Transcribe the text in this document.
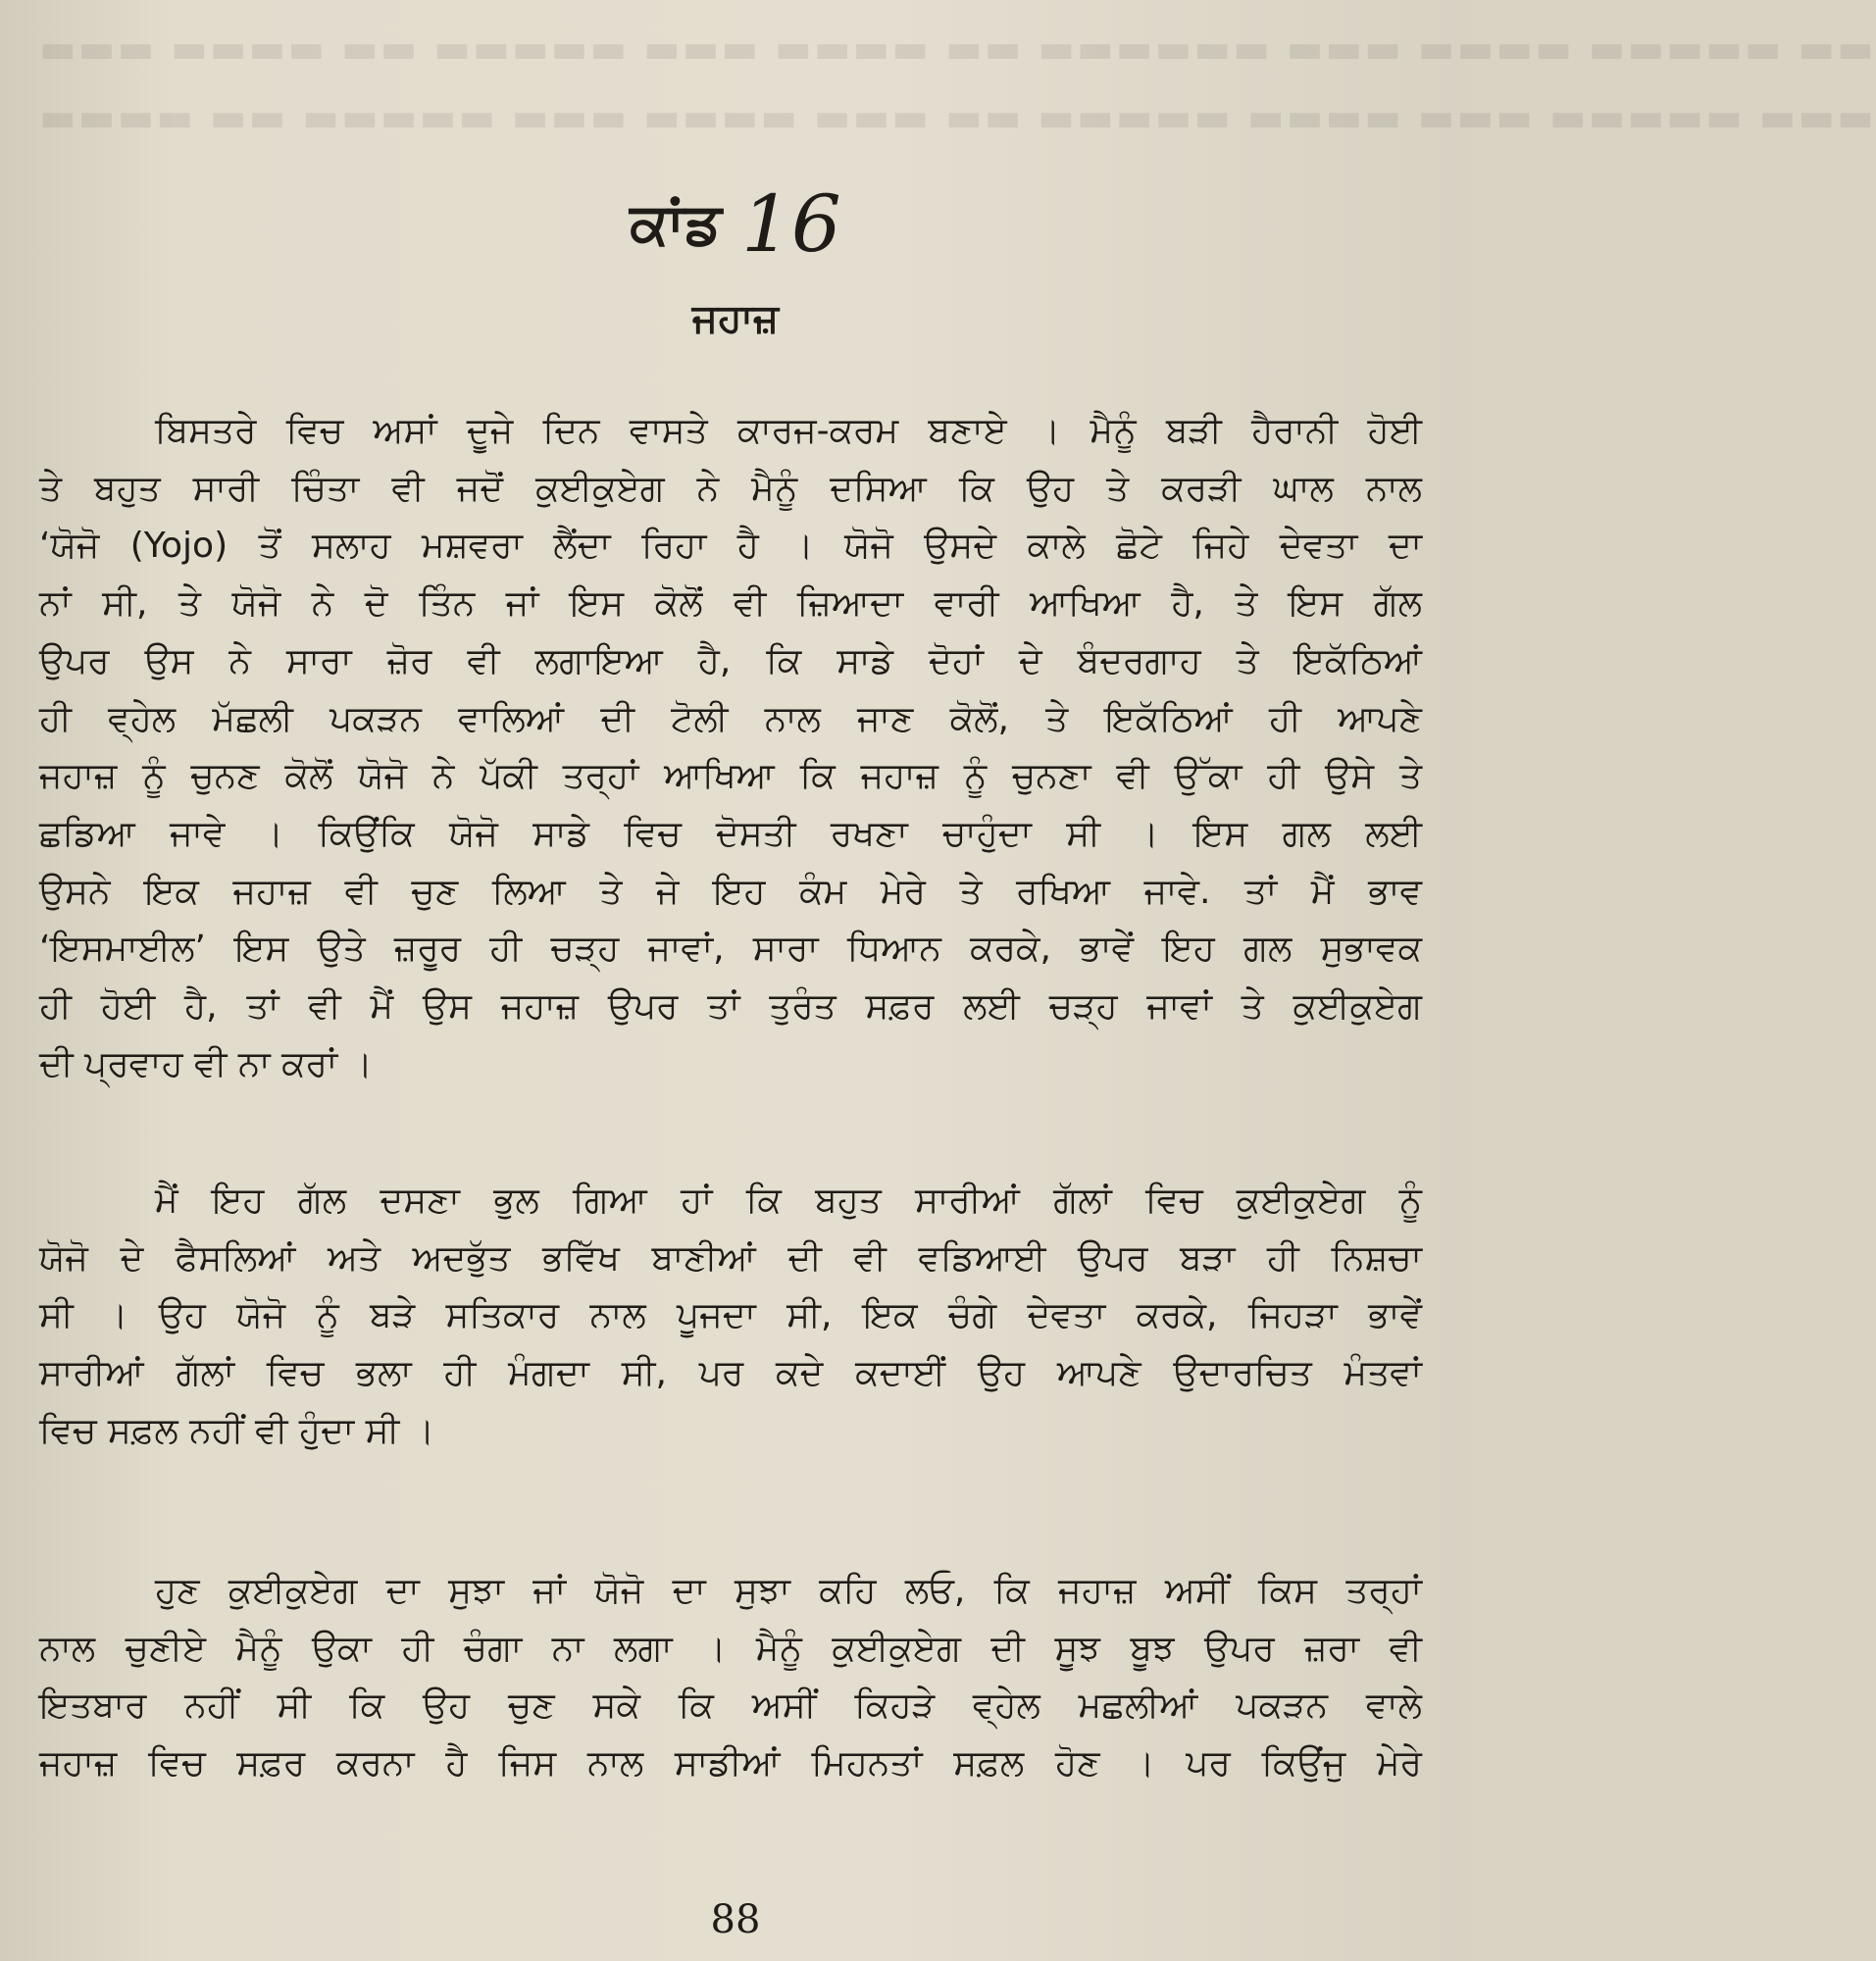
▬▬▬ ▬▬▬▬ ▬▬ ▬▬▬▬▬ ▬▬▬ ▬▬▬▬ ▬▬ ▬▬▬▬▬▬ ▬▬▬ ▬▬▬▬ ▬▬▬▬▬ ▬▬
▬▬▬▬ ▬▬ ▬▬▬▬▬ ▬▬▬ ▬▬▬▬ ▬▬▬ ▬▬ ▬▬▬▬▬ ▬▬▬▬ ▬▬▬ ▬▬▬▬▬ ▬▬▬
ਕਾਂਡ 16
ਜਹਾਜ਼
ਬਿਸਤਰੇ ਵਿਚ ਅਸਾਂ ਦੂਜੇ ਦਿਨ ਵਾਸਤੇ ਕਾਰਜ-ਕਰਮ ਬਣਾਏ । ਮੈਨੂੰ ਬੜੀ ਹੈਰਾਨੀ ਹੋਈ
ਤੇ ਬਹੁਤ ਸਾਰੀ ਚਿੰਤਾ ਵੀ ਜਦੋਂ ਕੁਈਕੁਏਗ ਨੇ ਮੈਨੂੰ ਦਸਿਆ ਕਿ ਉਹ ਤੇ ਕਰੜੀ ਘਾਲ ਨਾਲ
‘ਯੋਜੋ (Yojo) ਤੋਂ ਸਲਾਹ ਮਸ਼ਵਰਾ ਲੈਂਦਾ ਰਿਹਾ ਹੈ । ਯੋਜੋ ਉਸਦੇ ਕਾਲੇ ਛੋਟੇ ਜਿਹੇ ਦੇਵਤਾ ਦਾ
ਨਾਂ ਸੀ, ਤੇ ਯੋਜੋ ਨੇ ਦੋ ਤਿੰਨ ਜਾਂ ਇਸ ਕੋਲੋਂ ਵੀ ਜ਼ਿਆਦਾ ਵਾਰੀ ਆਖਿਆ ਹੈ, ਤੇ ਇਸ ਗੱਲ
ਉਪਰ ਉਸ ਨੇ ਸਾਰਾ ਜ਼ੋਰ ਵੀ ਲਗਾਇਆ ਹੈ, ਕਿ ਸਾਡੇ ਦੋਹਾਂ ਦੇ ਬੰਦਰਗਾਹ ਤੇ ਇਕੱਠਿਆਂ
ਹੀ ਵ੍ਹੇਲ ਮੱਛਲੀ ਪਕੜਨ ਵਾਲਿਆਂ ਦੀ ਟੋਲੀ ਨਾਲ ਜਾਣ ਕੋਲੋਂ, ਤੇ ਇਕੱਠਿਆਂ ਹੀ ਆਪਣੇ
ਜਹਾਜ਼ ਨੂੰ ਚੁਨਣ ਕੋਲੋਂ ਯੋਜੋ ਨੇ ਪੱਕੀ ਤਰ੍ਹਾਂ ਆਖਿਆ ਕਿ ਜਹਾਜ਼ ਨੂੰ ਚੁਨਣਾ ਵੀ ਉੱਕਾ ਹੀ ਉਸੇ ਤੇ
ਛਡਿਆ ਜਾਵੇ । ਕਿਉਂਕਿ ਯੋਜੋ ਸਾਡੇ ਵਿਚ ਦੋਸਤੀ ਰਖਣਾ ਚਾਹੁੰਦਾ ਸੀ । ਇਸ ਗਲ ਲਈ
ਉਸਨੇ ਇਕ ਜਹਾਜ਼ ਵੀ ਚੁਣ ਲਿਆ ਤੇ ਜੇ ਇਹ ਕੰਮ ਮੇਰੇ ਤੇ ਰਖਿਆ ਜਾਵੇ. ਤਾਂ ਮੈਂ ਭਾਵ
‘ਇਸਮਾਈਲ’ ਇਸ ਉਤੇ ਜ਼ਰੂਰ ਹੀ ਚੜ੍ਹ ਜਾਵਾਂ, ਸਾਰਾ ਧਿਆਨ ਕਰਕੇ, ਭਾਵੇਂ ਇਹ ਗਲ ਸੁਭਾਵਕ
ਹੀ ਹੋਈ ਹੈ, ਤਾਂ ਵੀ ਮੈਂ ਉਸ ਜਹਾਜ਼ ਉਪਰ ਤਾਂ ਤੁਰੰਤ ਸਫ਼ਰ ਲਈ ਚੜ੍ਹ ਜਾਵਾਂ ਤੇ ਕੁਈਕੁਏਗ
ਦੀ ਪ੍ਰਵਾਹ ਵੀ ਨਾ ਕਰਾਂ ।
ਮੈਂ ਇਹ ਗੱਲ ਦਸਣਾ ਭੁਲ ਗਿਆ ਹਾਂ ਕਿ ਬਹੁਤ ਸਾਰੀਆਂ ਗੱਲਾਂ ਵਿਚ ਕੁਈਕੁਏਗ ਨੂੰ
ਯੋਜੋ ਦੇ ਫੈਸਲਿਆਂ ਅਤੇ ਅਦਭੁੱਤ ਭਵਿੱਖ ਬਾਣੀਆਂ ਦੀ ਵੀ ਵਡਿਆਈ ਉਪਰ ਬੜਾ ਹੀ ਨਿਸ਼ਚਾ
ਸੀ । ਉਹ ਯੋਜੋ ਨੂੰ ਬੜੇ ਸਤਿਕਾਰ ਨਾਲ ਪੂਜਦਾ ਸੀ, ਇਕ ਚੰਗੇ ਦੇਵਤਾ ਕਰਕੇ, ਜਿਹੜਾ ਭਾਵੇਂ
ਸਾਰੀਆਂ ਗੱਲਾਂ ਵਿਚ ਭਲਾ ਹੀ ਮੰਗਦਾ ਸੀ, ਪਰ ਕਦੇ ਕਦਾਈਂ ਉਹ ਆਪਣੇ ਉਦਾਰਚਿਤ ਮੰਤਵਾਂ
ਵਿਚ ਸਫ਼ਲ ਨਹੀਂ ਵੀ ਹੁੰਦਾ ਸੀ ।
ਹੁਣ ਕੁਈਕੁਏਗ ਦਾ ਸੁਝਾ ਜਾਂ ਯੋਜੋ ਦਾ ਸੁਝਾ ਕਹਿ ਲਓ, ਕਿ ਜਹਾਜ਼ ਅਸੀਂ ਕਿਸ ਤਰ੍ਹਾਂ
ਨਾਲ ਚੁਣੀਏ ਮੈਨੂੰ ਉਕਾ ਹੀ ਚੰਗਾ ਨਾ ਲਗਾ । ਮੈਨੂੰ ਕੁਈਕੁਏਗ ਦੀ ਸੂਝ ਬੂਝ ਉਪਰ ਜ਼ਰਾ ਵੀ
ਇਤਬਾਰ ਨਹੀਂ ਸੀ ਕਿ ਉਹ ਚੁਣ ਸਕੇ ਕਿ ਅਸੀਂ ਕਿਹੜੇ ਵ੍ਹੇਲ ਮਛਲੀਆਂ ਪਕੜਨ ਵਾਲੇ
ਜਹਾਜ਼ ਵਿਚ ਸਫ਼ਰ ਕਰਨਾ ਹੈ ਜਿਸ ਨਾਲ ਸਾਡੀਆਂ ਮਿਹਨਤਾਂ ਸਫ਼ਲ ਹੋਣ । ਪਰ ਕਿਉਂਜੁ ਮੇਰੇ
88
